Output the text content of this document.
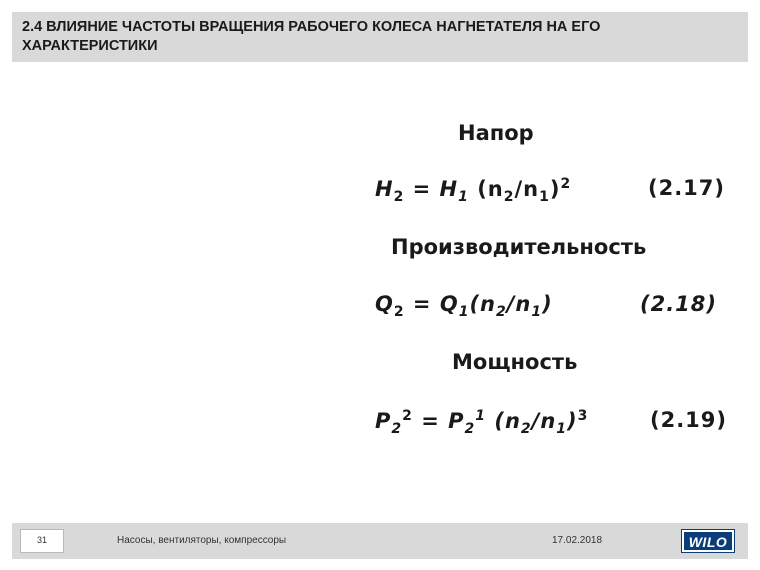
2.4 ВЛИЯНИЕ ЧАСТОТЫ ВРАЩЕНИЯ РАБОЧЕГО КОЛЕСА НАГНЕТАТЕЛЯ НА ЕГО ХАРАКТЕРИСТИКИ

Напор
$H_2 = H_1$ $(n_2/n_1)^2$	(2.17)
Производительность
$Q_2 = Q_1(n_2/n_1)$	(2.18)
Мощность
$P_2^2 = P_2^1$ $(n_2/n_1)^3$	(2.19)
31	Насосы, вентиляторы, компрессоры	17.02.2018	WILO
